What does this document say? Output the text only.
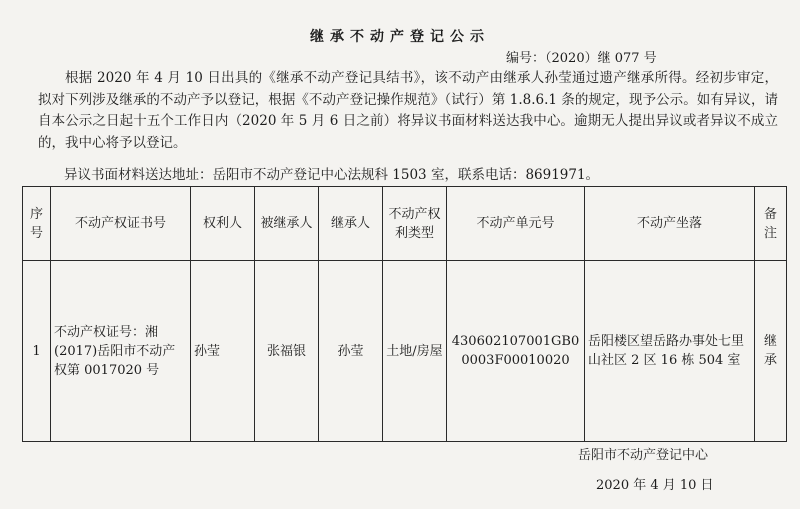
继承不动产登记公示
编号：（2020）继 077 号

根据 2020 年 4 月 10 日出具的《继承不动产登记具结书》，该不动产由继承人孙莹通过遗产继承所得。经初步审定，拟对下列涉及继承的不动产予以登记，根据《不动产登记操作规范》（试行）第 1.8.6.1 条的规定，现予公示。如有异议，请自本公示之日起十五个工作日内（2020 年 5 月 6 日之前）将异议书面材料送达我中心。逾期无人提出异议或者异议不成立的，我中心将予以登记。

异议书面材料送达地址：岳阳市不动产登记中心法规科 1503 室，联系电话：8691971。
序号	不动产权证书号	权利人	被继承人	继承人	不动产权利类型	不动产单元号	不动产坐落	备注
1	不动产权证号：湘(2017)岳阳市不动产权第 0017020 号	孙莹	张福银	孙莹	土地/房屋	430602107001GB00003F00010020	岳阳楼区望岳路办事处七里山社区 2 区 16 栋 504 室	继承
岳阳市不动产登记中心
2020 年 4 月 10 日
